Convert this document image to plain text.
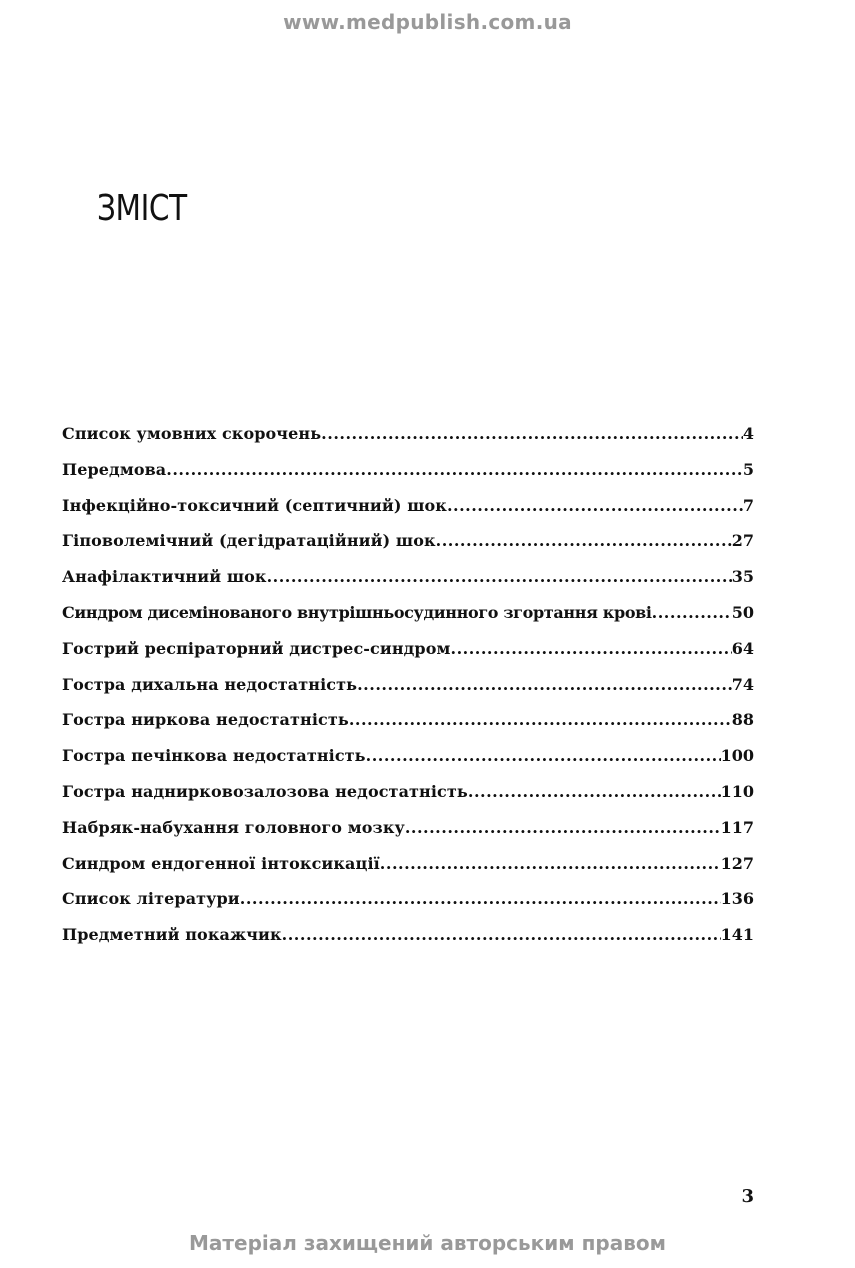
www.medpublish.com.ua
ЗМІСТ
Список умовних скорочень .....	4
Передмова .....	5
Інфекційно-токсичний (септичний) шок .....	7
Гіповолемічний (дегідратаційний) шок .....	27
Анафілактичний шок .....	35
Синдром дисемінованого внутрішньосудинного згортання крові .....	50
Гострий респіраторний дистрес-синдром .....	64
Гостра дихальна недостатність .....	74
Гостра ниркова недостатність .....	88
Гостра печінкова недостатність .....	100
Гостра наднирковозалозова недостатність .....	110
Набряк-набухання головного мозку .....	117
Синдром ендогенної інтоксикації .....	127
Список літератури .....	136
Предметний покажчик .....	141
3
Матеріал захищений авторським правом
